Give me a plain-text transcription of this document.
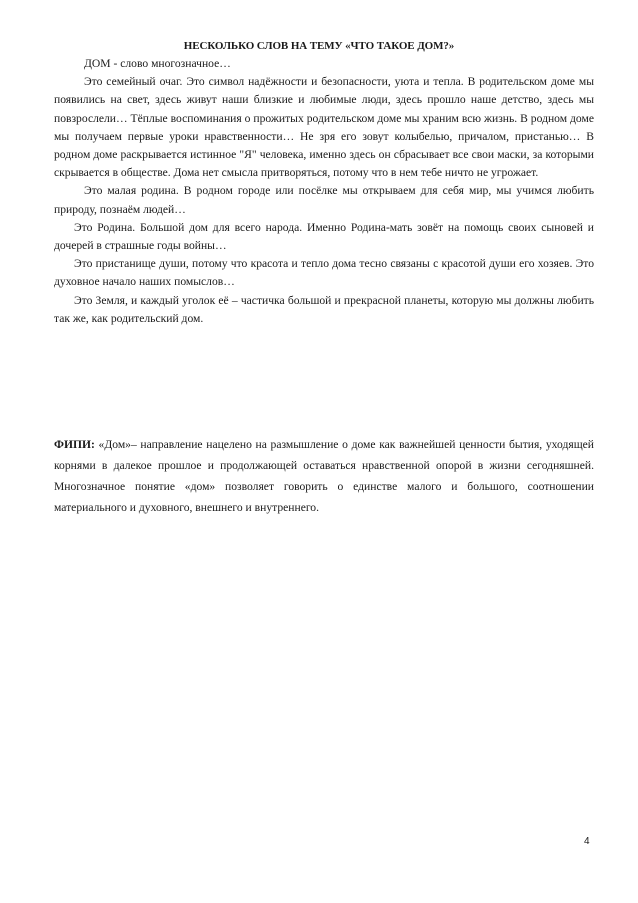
НЕСКОЛЬКО СЛОВ НА ТЕМУ «ЧТО ТАКОЕ ДОМ?»

ДОМ - слово многозначное…

Это семейный очаг. Это символ надёжности и безопасности, уюта и тепла. В родительском доме мы появились на свет, здесь живут наши близкие и любимые люди, здесь прошло наше детство, здесь мы повзрослели… Тёплые воспоминания о прожитых родительском доме мы храним всю жизнь. В родном доме мы получаем первые уроки нравственности… Не зря его зовут колыбелью, причалом, пристанью… В родном доме раскрывается истинное "Я" человека, именно здесь он сбрасывает все свои маски, за которыми скрывается в обществе. Дома нет смысла притворяться, потому что в нем тебе ничто не угрожает.

Это малая родина. В родном городе или посёлке мы открываем для себя мир, мы учимся любить природу, познаём людей…

Это Родина. Большой дом для всего народа. Именно Родина-мать зовёт на помощь своих сыновей и дочерей в страшные годы войны…

Это пристанище души, потому что красота и тепло дома тесно связаны с красотой души его хозяев. Это духовное начало наших помыслов…

Это Земля, и каждый уголок её – частичка большой и прекрасной планеты, которую мы должны любить так же, как родительский дом.

ФИПИ: «Дом»– направление нацелено на размышление о доме как важнейшей ценности бытия, уходящей корнями в далекое прошлое и продолжающей оставаться нравственной опорой в жизни сегодняшней. Многозначное понятие «дом» позволяет говорить о единстве малого и большого, соотношении материального и духовного, внешнего и внутреннего.

4
